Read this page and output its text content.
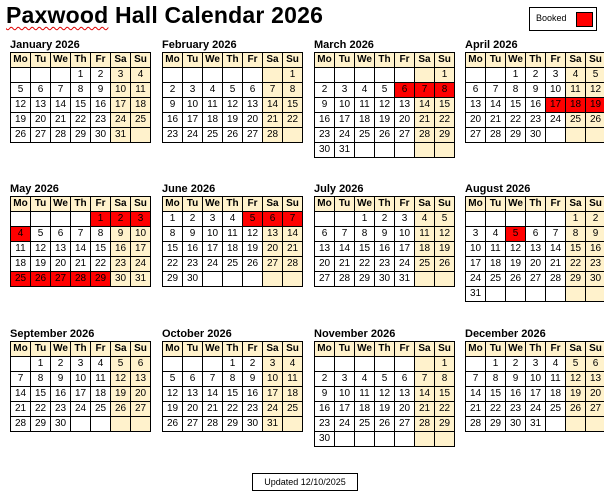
Paxwood Hall Calendar 2026	Booked
January 2026
Mo	Tu	We	Th	Fr	Sa	Su
			1	2	3	4
5	6	7	8	9	10	11
12	13	14	15	16	17	18
19	20	21	22	23	24	25
26	27	28	29	30	31	
February 2026
Mo	Tu	We	Th	Fr	Sa	Su
						1
2	3	4	5	6	7	8
9	10	11	12	13	14	15
16	17	18	19	20	21	22
23	24	25	26	27	28	
March 2026
Mo	Tu	We	Th	Fr	Sa	Su
						1
2	3	4	5	6	7	8
9	10	11	12	13	14	15
16	17	18	19	20	21	22
23	24	25	26	27	28	29
30	31					
April 2026
Mo	Tu	We	Th	Fr	Sa	Su
		1	2	3	4	5
6	7	8	9	10	11	12
13	14	15	16	17	18	19
20	21	22	23	24	25	26
27	28	29	30			
May 2026
Mo	Tu	We	Th	Fr	Sa	Su
				1	2	3
4	5	6	7	8	9	10
11	12	13	14	15	16	17
18	19	20	21	22	23	24
25	26	27	28	29	30	31
June 2026
Mo	Tu	We	Th	Fr	Sa	Su
1	2	3	4	5	6	7
8	9	10	11	12	13	14
15	16	17	18	19	20	21
22	23	24	25	26	27	28
29	30					
July 2026
Mo	Tu	We	Th	Fr	Sa	Su
		1	2	3	4	5
6	7	8	9	10	11	12
13	14	15	16	17	18	19
20	21	22	23	24	25	26
27	28	29	30	31		
August 2026
Mo	Tu	We	Th	Fr	Sa	Su
					1	2
3	4	5	6	7	8	9
10	11	12	13	14	15	16
17	18	19	20	21	22	23
24	25	26	27	28	29	30
31						
September 2026
Mo	Tu	We	Th	Fr	Sa	Su
	1	2	3	4	5	6
7	8	9	10	11	12	13
14	15	16	17	18	19	20
21	22	23	24	25	26	27
28	29	30				
October 2026
Mo	Tu	We	Th	Fr	Sa	Su
			1	2	3	4
5	6	7	8	9	10	11
12	13	14	15	16	17	18
19	20	21	22	23	24	25
26	27	28	29	30	31	
November 2026
Mo	Tu	We	Th	Fr	Sa	Su
						1
2	3	4	5	6	7	8
9	10	11	12	13	14	15
16	17	18	19	20	21	22
23	24	25	26	27	28	29
30						
December 2026
Mo	Tu	We	Th	Fr	Sa	Su
	1	2	3	4	5	6
7	8	9	10	11	12	13
14	15	16	17	18	19	20
21	22	23	24	25	26	27
28	29	30	31			
Updated 12/10/2025
